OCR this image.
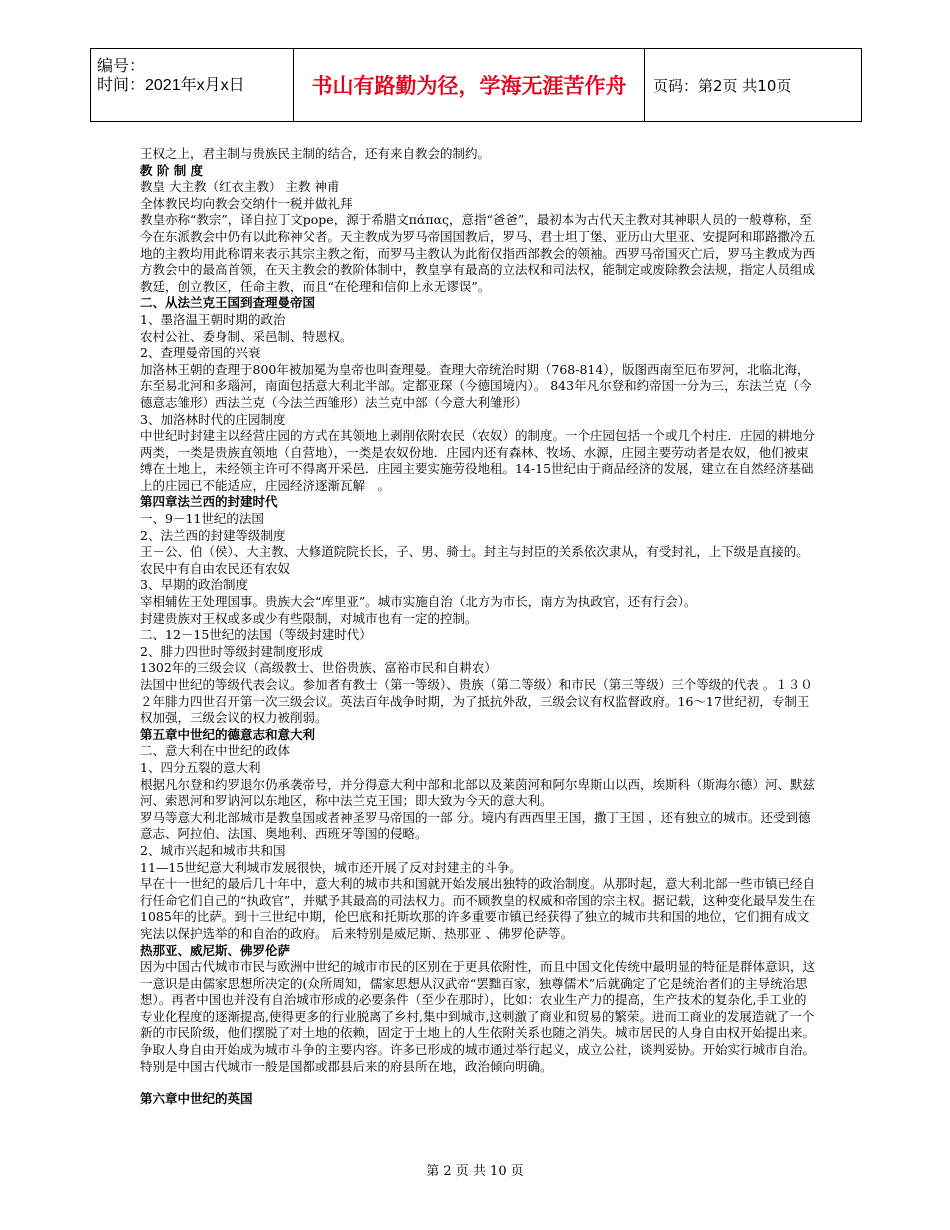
编号：
时间：2021年x月x日	书山有路勤为径，学海无涯苦作舟	页码：第2页 共10页

王权之上，君主制与贵族民主制的结合，还有来自教会的制约。

教 阶 制 度

教皇 大主教（红衣主教） 主教 神甫

全体教民均向教会交纳什一税并做礼拜

教皇亦称“教宗”，译自拉丁文pope，源于希腊文πάπας，意指“爸爸”，最初本为古代天主教对其神职人员的一般尊称，至今在东派教会中仍有以此称神父者。天主教成为罗马帝国国教后，罗马、君士坦丁堡、亚历山大里亚、安提阿和耶路撒冷五地的主教均用此称谓来表示其宗主教之衔，而罗马主教认为此衔仅指西部教会的领袖。西罗马帝国灭亡后，罗马主教成为西方教会中的最高首领，在天主教会的教阶体制中，教皇享有最高的立法权和司法权，能制定或废除教会法规，指定人员组成教廷，创立教区，任命主教，而且“在伦理和信仰上永无谬误”。

二、从法兰克王国到查理曼帝国

1、墨洛温王朝时期的政治

农村公社、委身制、采邑制、特恩权。

2、查理曼帝国的兴衰

加洛林王朝的查理于800年被加冕为皇帝也叫查理曼。查理大帝统治时期（768-814），版图西南至厄布罗河，北临北海，东至易北河和多瑙河，南面包括意大利北半部。定都亚琛（今德国境内）。 843年凡尔登和约帝国一分为三，东法兰克（今德意志雏形）西法兰克（今法兰西雏形）法兰克中部（今意大利雏形）

3、加洛林时代的庄园制度

中世纪时封建主以经营庄园的方式在其领地上剥削依附农民（农奴）的制度。一个庄园包括一个或几个村庄．庄园的耕地分两类，一类是贵族直领地（自营地），一类是农奴份地．庄园内还有森林、牧场、水源，庄园主要劳动者是农奴，他们被束缚在土地上，未经领主许可不得离开采邑．庄园主要实施劳役地租。14-15世纪由于商品经济的发展，建立在自然经济基础上的庄园已不能适应，庄园经济逐渐瓦解　。

第四章法兰西的封建时代

一、9－11世纪的法国

2、法兰西的封建等级制度

王－公、伯（侯）、大主教、大修道院院长长，子、男、骑士。封主与封臣的关系依次隶从，有受封礼，上下级是直接的。　　农民中有自由农民还有农奴

3、早期的政治制度

宰相辅佐王处理国事。贵族大会“库里亚”。城市实施自治（北方为市长，南方为执政官，还有行会）。

封建贵族对王权或多或少有些限制，对城市也有一定的控制。

二、12－15世纪的法国（等级封建时代）

2、腓力四世时等级封建制度形成

1302年的三级会议（高级教士、世俗贵族、富裕市民和自耕农）

法国中世纪的等级代表会议。参加者有教士（第一等级）、贵族（第二等级）和市民（第三等级）三个等级的代表 。１３０２年腓力四世召开第一次三级会议。英法百年战争时期，为了抵抗外敌，三级会议有权监督政府。16～17世纪初，专制王权加强，三级会议的权力被削弱。

第五章中世纪的德意志和意大利

二、意大利在中世纪的政体

1、四分五裂的意大利

根据凡尔登和约罗退尔仍承袭帝号，并分得意大利中部和北部以及莱茵河和阿尔卑斯山以西，埃斯科（斯海尔德）河、默兹河、索恩河和罗讷河以东地区，称中法兰克王国；即大致为今天的意大利。

罗马等意大利北部城市是教皇国或者神圣罗马帝国的一部 分。境内有西西里王国，撒丁王国 ，还有独立的城市。还受到德意志、阿拉伯、法国、奥地利、西班牙等国的侵略。

2、城市兴起和城市共和国

11—15世纪意大利城市发展很快，城市还开展了反对封建主的斗争。

早在十一世纪的最后几十年中，意大利的城市共和国就开始发展出独特的政治制度。从那时起，意大利北部一些市镇已经自行任命它们自己的“执政官”，并赋予其最高的司法权力。而不顾教皇的权威和帝国的宗主权。据记载，这种变化最早发生在1085年的比萨。到十三世纪中期，伦巴底和托斯坎那的许多重要市镇已经获得了独立的城市共和国的地位，它们拥有成文宪法以保护选举的和自治的政府。 后来特别是威尼斯、热那亚 、佛罗伦萨等。

热那亚、威尼斯、佛罗伦萨

因为中国古代城市市民与欧洲中世纪的城市市民的区别在于更具依附性，而且中国文化传统中最明显的特征是群体意识，这一意识是由儒家思想所决定的(众所周知，儒家思想从汉武帝“罢黜百家，独尊儒术”后就确定了它是统治者们的主导统治思想）。再者中国也并没有自治城市形成的必要条件（至少在那时），比如：农业生产力的提高，生产技术的复杂化,手工业的专业化程度的逐渐提高,使得更多的行业脱离了乡村,集中到城市,这刺激了商业和贸易的繁荣。进而工商业的发展造就了一个新的市民阶级，他们摆脱了对土地的依赖，固定于土地上的人生依附关系也随之消失。城市居民的人身自由权开始提出来。争取人身自由开始成为城市斗争的主要内容。许多已形成的城市通过举行起义，成立公社，谈判妥协。开始实行城市自治。 特别是中国古代城市一般是国都或郡县后来的府县所在地，政治倾向明确。

第六章中世纪的英国

第 2 页 共 10 页
